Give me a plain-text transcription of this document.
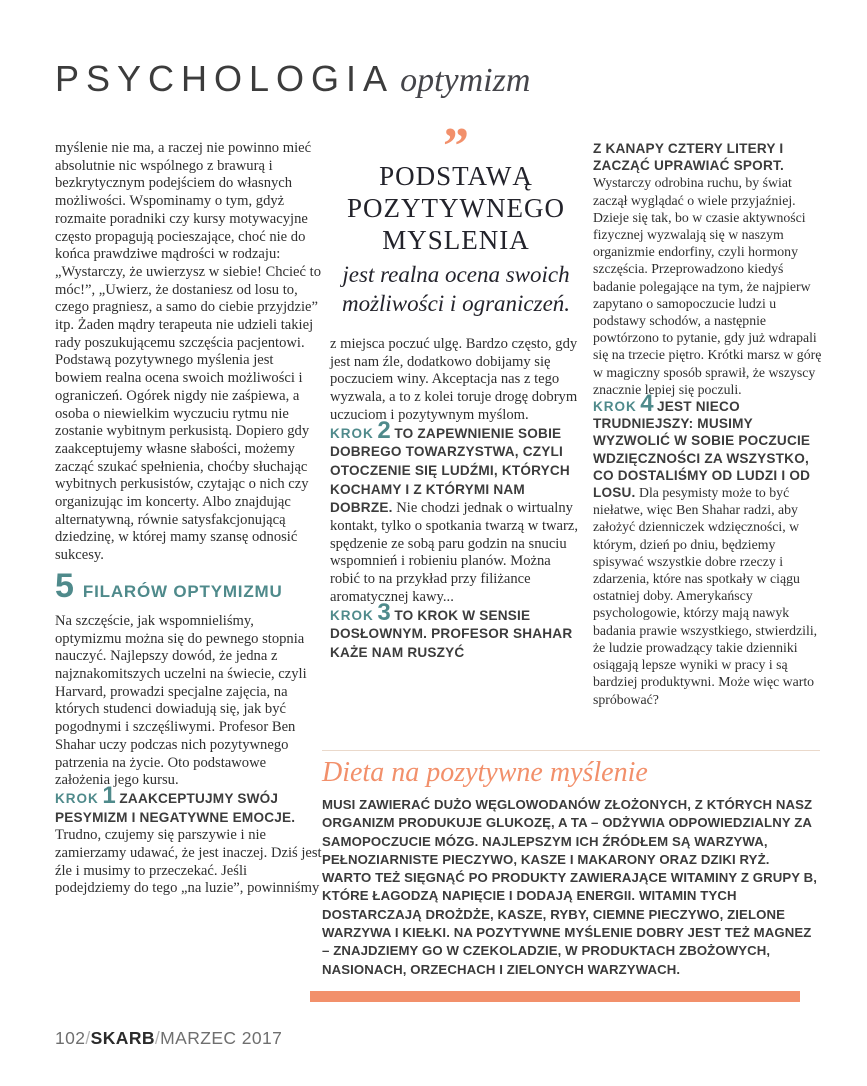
PSYCHOLOGIA optymizm

myślenie nie ma, a raczej nie powinno mieć absolutnie nic wspólnego z brawurą i bezkrytycznym podejściem do własnych możliwości. Wspominamy o tym, gdyż rozmaite poradniki czy kursy motywacyjne często propagują pocieszające, choć nie do końca prawdziwe mądrości w rodzaju: „Wystarczy, że uwierzysz w siebie! Chcieć to móc!”, „Uwierz, że dostaniesz od losu to, czego pragniesz, a samo do ciebie przyjdzie” itp. Żaden mądry terapeuta nie udzieli takiej rady poszukującemu szczęścia pacjentowi. Podstawą pozytywnego myślenia jest bowiem realna ocena swoich możliwości i ograniczeń. Ogórek nigdy nie zaśpiewa, a osoba o niewielkim wyczuciu rytmu nie zostanie wybitnym perkusistą. Dopiero gdy zaakceptujemy własne słabości, możemy zacząć szukać spełnienia, choćby słuchając wybitnych perkusistów, czytając o nich czy organizując im koncerty. Albo znajdując alternatywną, równie satysfakcjonującą dziedzinę, w której mamy szansę odnosić sukcesy.

5 FILARÓW OPTYMIZMU

Na szczęście, jak wspomnieliśmy, optymizmu można się do pewnego stopnia nauczyć. Najlepszy dowód, że jedna z najznakomitszych uczelni na świecie, czyli Harvard, prowadzi specjalne zajęcia, na których studenci dowiadują się, jak być pogodnymi i szczęśliwymi. Profesor Ben Shahar uczy podczas nich pozytywnego patrzenia na życie. Oto podstawowe założenia jego kursu.

KROK 1 ZAAKCEPTUJMY SWÓJ PESYMIZM I NEGATYWNE EMOCJE. Trudno, czujemy się parszywie i nie zamierzamy udawać, że jest inaczej. Dziś jest źle i musimy to przeczekać. Jeśli podejdziemy do tego „na luzie”, powinniśmy

”
PODSTAWĄ POZYTYWNEGO MYSLENIA
jest realna ocena swoich możliwości i ograniczeń.

z miejsca poczuć ulgę. Bardzo często, gdy jest nam źle, dodatkowo dobijamy się poczuciem winy. Akceptacja nas z tego wyzwala, a to z kolei toruje drogę dobrym uczuciom i pozytywnym myślom.

KROK 2 TO ZAPEWNIENIE SOBIE DOBREGO TOWARZYSTWA, CZYLI OTOCZENIE SIĘ LUDŹMI, KTÓRYCH KOCHAMY I Z KTÓRYMI NAM DOBRZE. Nie chodzi jednak o wirtualny kontakt, tylko o spotkania twarzą w twarz, spędzenie ze sobą paru godzin na snuciu wspomnień i robieniu planów. Można robić to na przykład przy filiżance aromatycznej kawy...

KROK 3 TO KROK W SENSIE DOSŁOWNYM. PROFESOR SHAHAR KAŻE NAM RUSZYĆ

Z KANAPY CZTERY LITERY I ZACZĄĆ UPRAWIAĆ SPORT. Wystarczy odrobina ruchu, by świat zaczął wyglądać o wiele przyjaźniej. Dzieje się tak, bo w czasie aktywności fizycznej wyzwalają się w naszym organizmie endorfiny, czyli hormony szczęścia. Przeprowadzono kiedyś badanie polegające na tym, że najpierw zapytano o samopoczucie ludzi u podstawy schodów, a następnie powtórzono to pytanie, gdy już wdrapali się na trzecie piętro. Krótki marsz w górę w magiczny sposób sprawił, że wszyscy znacznie lepiej się poczuli.

KROK 4 JEST NIECO TRUDNIEJSZY: MUSIMY WYZWOLIĆ W SOBIE POCZUCIE WDZIĘCZNOŚCI ZA WSZYSTKO, CO DOSTALIŚMY OD LUDZI I OD LOSU. Dla pesymisty może to być niełatwe, więc Ben Shahar radzi, aby założyć dzienniczek wdzięczności, w którym, dzień po dniu, będziemy spisywać wszystkie dobre rzeczy i zdarzenia, które nas spotkały w ciągu ostatniej doby. Amerykańscy psychologowie, którzy mają nawyk badania prawie wszystkiego, stwierdzili, że ludzie prowadzący takie dzienniki osiągają lepsze wyniki w pracy i są bardziej produktywni. Może więc warto spróbować?

Dieta na pozytywne myślenie

MUSI ZAWIERAĆ DUŻO WĘGLOWODANÓW ZŁOŻONYCH, Z KTÓRYCH NASZ ORGANIZM PRODUKUJE GLUKOZĘ, A TA – ODŻYWIA ODPOWIEDZIALNY ZA SAMOPOCZUCIE MÓZG. NAJLEPSZYM ICH ŹRÓDŁEM SĄ WARZYWA, PEŁNOZIARNISTE PIECZYWO, KASZE I MAKARONY ORAZ DZIKI RYŻ. WARTO TEŻ SIĘGNĄĆ PO PRODUKTY ZAWIERAJĄCE WITAMINY Z GRUPY B, KTÓRE ŁAGODZĄ NAPIĘCIE I DODAJĄ ENERGII. WITAMIN TYCH DOSTARCZAJĄ DROŻDŻE, KASZE, RYBY, CIEMNE PIECZYWO, ZIELONE WARZYWA I KIEŁKI. NA POZYTYWNE MYŚLENIE DOBRY JEST TEŻ MAGNEZ – ZNAJDZIEMY GO W CZEKOLADZIE, W PRODUKTACH ZBOŻOWYCH, NASIONACH, ORZECHACH I ZIELONYCH WARZYWACH.

102/SKARB/MARZEC 2017
